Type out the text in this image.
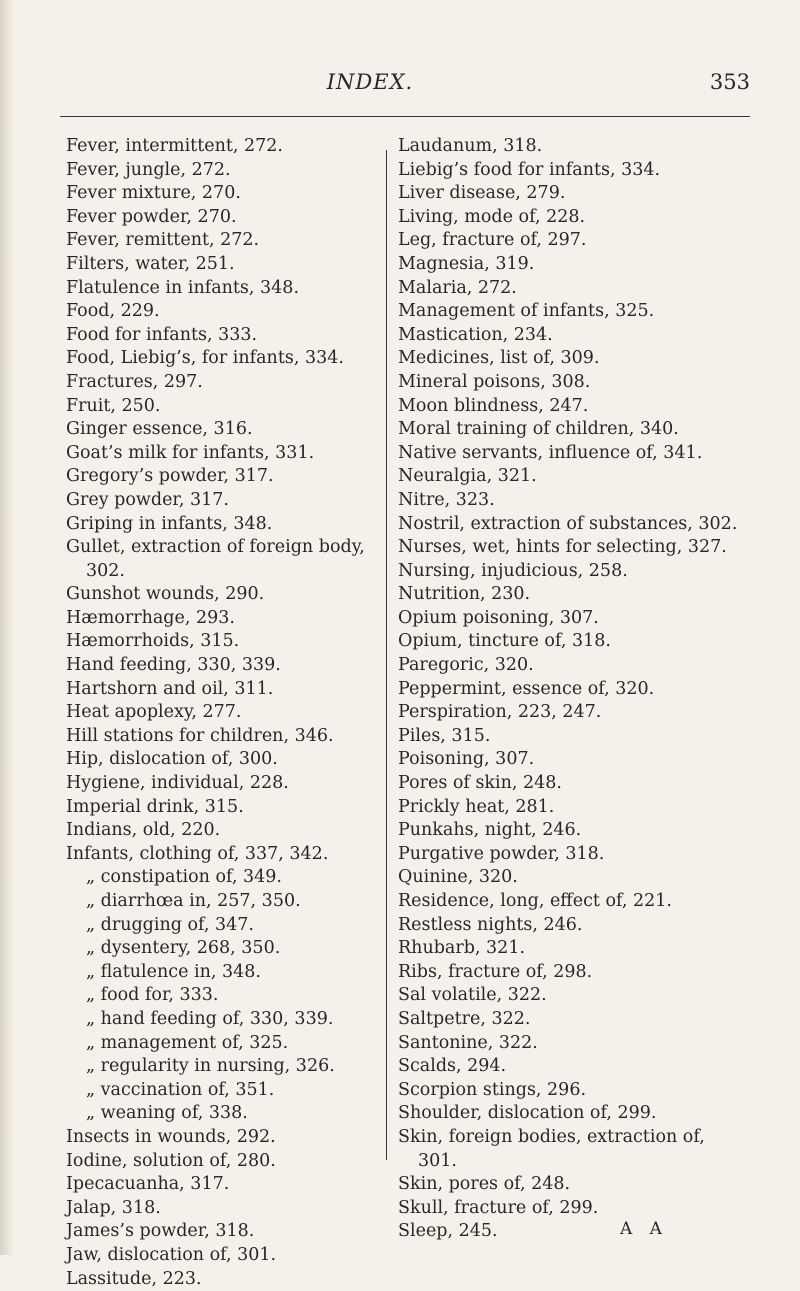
INDEX.	353
Fever, intermittent, 272.
Fever, jungle, 272.
Fever mixture, 270.
Fever powder, 270.
Fever, remittent, 272.
Filters, water, 251.
Flatulence in infants, 348.
Food, 229.
Food for infants, 333.
Food, Liebig’s, for infants, 334.
Fractures, 297.
Fruit, 250.
Ginger essence, 316.
Goat’s milk for infants, 331.
Gregory’s powder, 317.
Grey powder, 317.
Griping in infants, 348.
Gullet, extraction of foreign body, 302.
Gunshot wounds, 290.
Hæmorrhage, 293.
Hæmorrhoids, 315.
Hand feeding, 330, 339.
Hartshorn and oil, 311.
Heat apoplexy, 277.
Hill stations for children, 346.
Hip, dislocation of, 300.
Hygiene, individual, 228.
Imperial drink, 315.
Indians, old, 220.
Infants, clothing of, 337, 342.
„ constipation of, 349.
„ diarrhœa in, 257, 350.
„ drugging of, 347.
„ dysentery, 268, 350.
„ flatulence in, 348.
„ food for, 333.
„ hand feeding of, 330, 339.
„ management of, 325.
„ regularity in nursing, 326.
„ vaccination of, 351.
„ weaning of, 338.
Insects in wounds, 292.
Iodine, solution of, 280.
Ipecacuanha, 317.
Jalap, 318.
James’s powder, 318.
Jaw, dislocation of, 301.
Lassitude, 223.
Laudanum, 318.
Liebig’s food for infants, 334.
Liver disease, 279.
Living, mode of, 228.
Leg, fracture of, 297.
Magnesia, 319.
Malaria, 272.
Management of infants, 325.
Mastication, 234.
Medicines, list of, 309.
Mineral poisons, 308.
Moon blindness, 247.
Moral training of children, 340.
Native servants, influence of, 341.
Neuralgia, 321.
Nitre, 323.
Nostril, extraction of substances, 302.
Nurses, wet, hints for selecting, 327.
Nursing, injudicious, 258.
Nutrition, 230.
Opium poisoning, 307.
Opium, tincture of, 318.
Paregoric, 320.
Peppermint, essence of, 320.
Perspiration, 223, 247.
Piles, 315.
Poisoning, 307.
Pores of skin, 248.
Prickly heat, 281.
Punkahs, night, 246.
Purgative powder, 318.
Quinine, 320.
Residence, long, effect of, 221.
Restless nights, 246.
Rhubarb, 321.
Ribs, fracture of, 298.
Sal volatile, 322.
Saltpetre, 322.
Santonine, 322.
Scalds, 294.
Scorpion stings, 296.
Shoulder, dislocation of, 299.
Skin, foreign bodies, extraction of, 301.
Skin, pores of, 248.
Skull, fracture of, 299.
Sleep, 245.	A A
